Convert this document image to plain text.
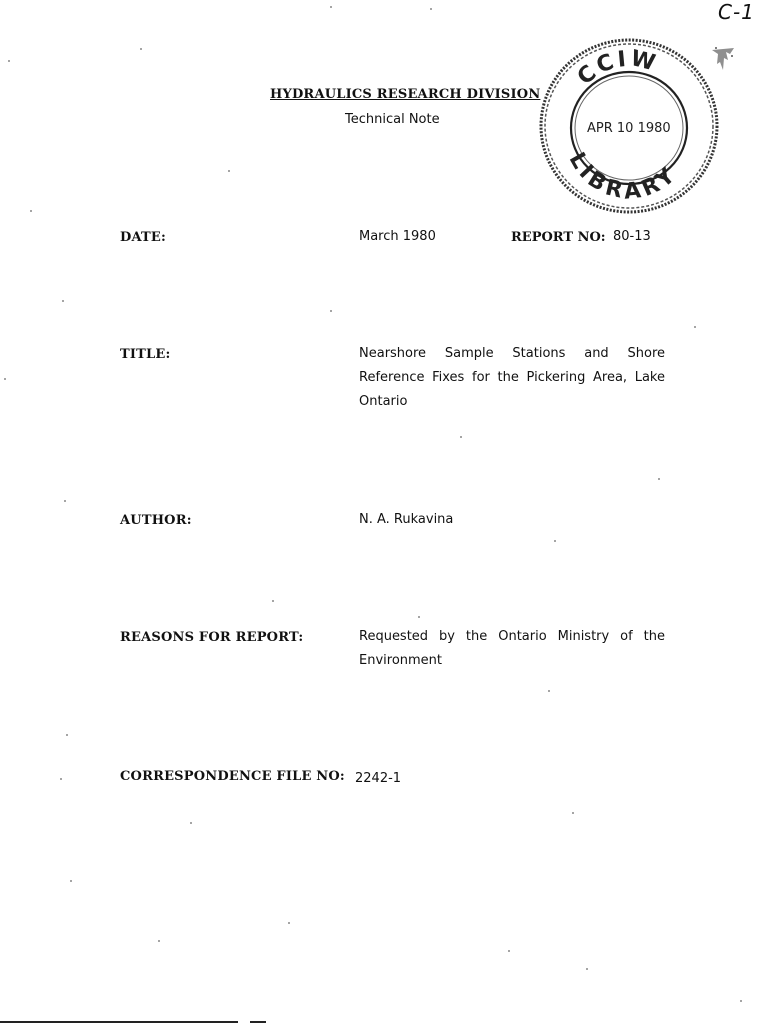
C-1
HYDRAULICS RESEARCH DIVISION
Technical Note
CCIW
LIBRARY
APR 10 1980
DATE:	March 1980	REPORT NO: 80-13
TITLE:	Nearshore Sample Stations and Shore
Reference Fixes for the Pickering Area, Lake
Ontario
AUTHOR:	N. A. Rukavina
REASONS FOR REPORT:	Requested by the Ontario Ministry of the
Environment
CORRESPONDENCE FILE NO: 2242-1
